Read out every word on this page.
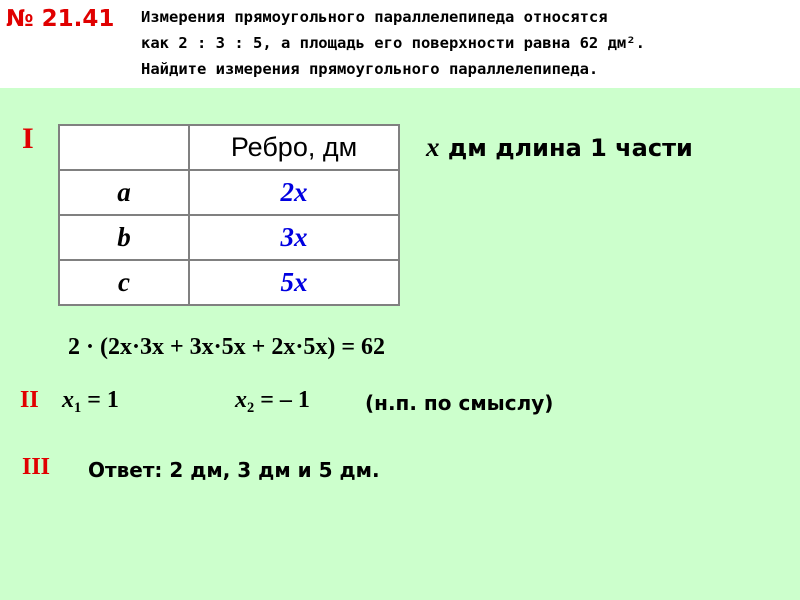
№ 21.41 Измерения прямоугольного параллелепипеда относятся
как 2 : 3 : 5, а площадь его поверхности равна 62 дм².
Найдите измерения прямоугольного параллелепипеда.
I
		Ребро, дм
a	2x
b	3x
c	5x
x дм длина 1 части
2 · (2x·3x + 3x·5x + 2x·5x) = 62
II $x_1 = 1$	$x_2$ = – 1	(н.п. по смыслу)
III Ответ: 2 дм, 3 дм и 5 дм.
